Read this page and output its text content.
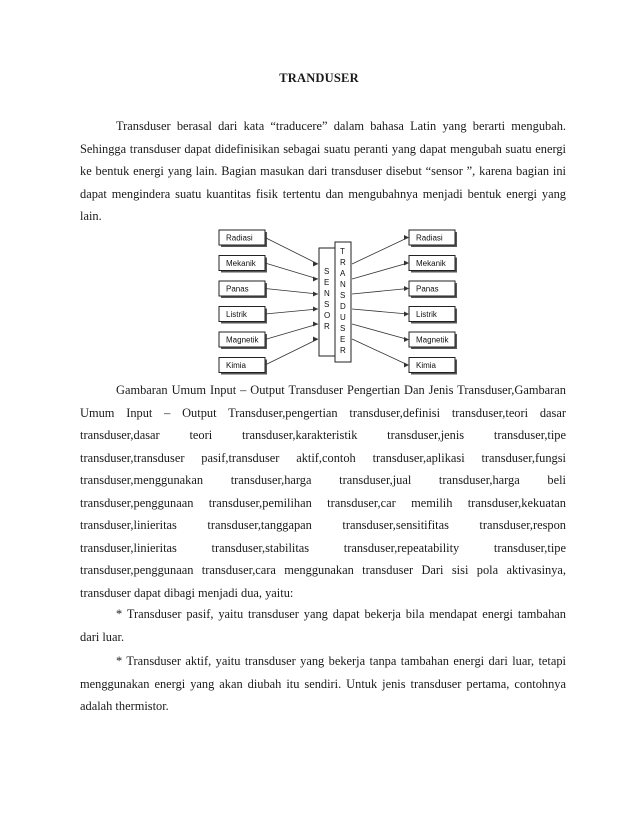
TRANDUSER
Transduser berasal dari kata “traducere” dalam bahasa Latin yang berarti mengubah. Sehingga transduser dapat didefinisikan sebagai suatu peranti yang dapat mengubah suatu energi ke bentuk energi yang lain. Bagian masukan dari transduser disebut “sensor ”, karena bagian ini dapat mengindera suatu kuantitas fisik tertentu dan mengubahnya menjadi bentuk energi yang lain.
Radiasi
Mekanik
Panas
Listrik
Magnetik
Kimia
Radiasi
Mekanik
Panas
Listrik
Magnetik
Kimia
S
E
N
S
O
R
T
R
A
N
S
D
U
S
E
R
Gambaran Umum Input – Output Transduser Pengertian Dan Jenis Transduser,Gambaran Umum Input – Output Transduser,pengertian transduser,definisi transduser,teori dasar transduser,dasar teori transduser,karakteristik transduser,jenis transduser,tipe transduser,transduser pasif,transduser aktif,contoh transduser,aplikasi transduser,fungsi transduser,menggunakan transduser,harga transduser,jual transduser,harga beli transduser,penggunaan transduser,pemilihan transduser,car memilih transduser,kekuatan transduser,linieritas transduser,tanggapan transduser,sensitifitas transduser,respon transduser,linieritas transduser,stabilitas transduser,repeatability transduser,tipe transduser,penggunaan transduser,cara menggunakan transduser Dari sisi pola aktivasinya, transduser dapat dibagi menjadi dua, yaitu:
* Transduser pasif, yaitu transduser yang dapat bekerja bila mendapat energi tambahan dari luar.
* Transduser aktif, yaitu transduser yang bekerja tanpa tambahan energi dari luar, tetapi menggunakan energi yang akan diubah itu sendiri. Untuk jenis transduser pertama, contohnya adalah thermistor.
